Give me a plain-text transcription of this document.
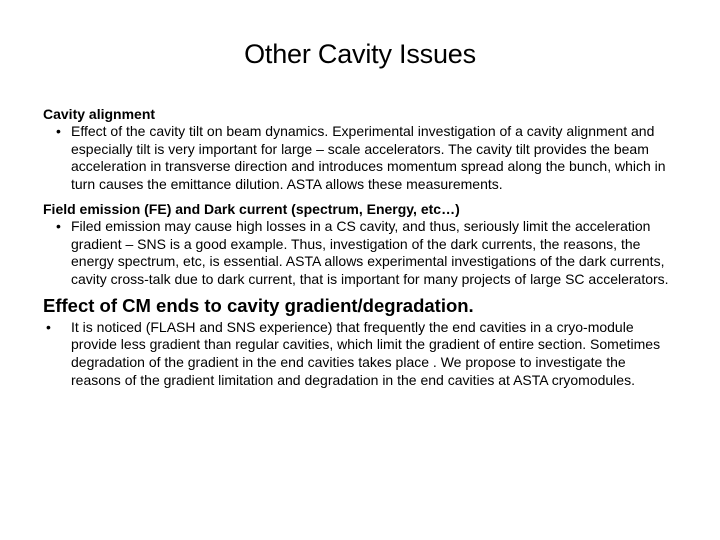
Other Cavity Issues
Cavity alignment
• Effect of the cavity tilt on beam dynamics. Experimental investigation of a cavity alignment and especially tilt is very important for large – scale accelerators. The cavity tilt provides the beam acceleration in transverse direction and introduces momentum spread along the bunch, which in turn causes the emittance dilution. ASTA allows these measurements.
Field emission (FE) and Dark current (spectrum, Energy, etc…)
• Filed emission may cause high losses in a CS cavity, and thus, seriously limit the acceleration gradient – SNS is a good example. Thus, investigation of the dark currents, the reasons, the energy spectrum, etc, is essential. ASTA allows experimental investigations of the dark currents, cavity cross-talk due to dark current, that is important for many projects of large SC accelerators.
Effect of CM ends to cavity gradient/degradation.
• It is noticed (FLASH and SNS experience) that frequently the end cavities in a cryo-module provide less gradient than regular cavities, which limit the gradient of entire section. Sometimes degradation of the gradient in the end cavities takes place . We propose to investigate the reasons of the gradient limitation and degradation in the end cavities at ASTA cryomodules.
